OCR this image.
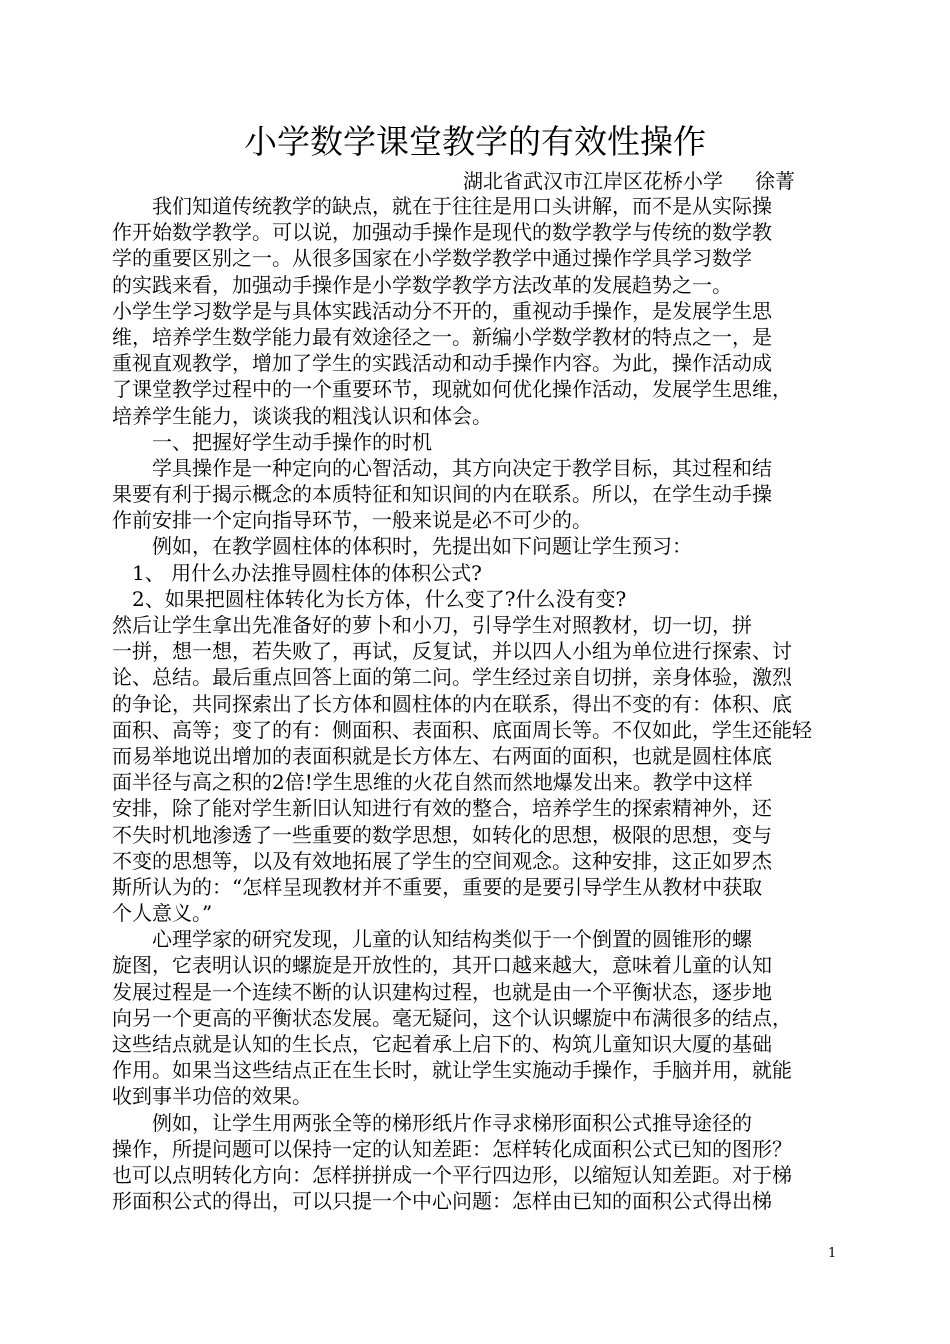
小学数学课堂教学的有效性操作
湖北省武汉市江岸区花桥小学 徐菁
　　我们知道传统教学的缺点，就在于往往是用口头讲解，而不是从实际操
作开始数学教学。可以说，加强动手操作是现代的数学教学与传统的数学教
学的重要区别之一。从很多国家在小学数学教学中通过操作学具学习数学
的实践来看，加强动手操作是小学数学教学方法改革的发展趋势之一。
小学生学习数学是与具体实践活动分不开的，重视动手操作，是发展学生思
维，培养学生数学能力最有效途径之一。新编小学数学教材的特点之一，是
重视直观教学，增加了学生的实践活动和动手操作内容。为此，操作活动成
了课堂教学过程中的一个重要环节，现就如何优化操作活动，发展学生思维，
培养学生能力，谈谈我的粗浅认识和体会。
　　一、把握好学生动手操作的时机
　　学具操作是一种定向的心智活动，其方向决定于教学目标，其过程和结
果要有利于揭示概念的本质特征和知识间的内在联系。所以，在学生动手操
作前安排一个定向指导环节，一般来说是必不可少的。
　　例如，在教学圆柱体的体积时，先提出如下问题让学生预习：
　1、 用什么办法推导圆柱体的体积公式?
　2、如果把圆柱体转化为长方体，什么变了?什么没有变?
然后让学生拿出先准备好的萝卜和小刀，引导学生对照教材，切一切，拼
一拼，想一想，若失败了，再试，反复试，并以四人小组为单位进行探索、讨
论、总结。最后重点回答上面的第二问。学生经过亲自切拼，亲身体验，激烈
的争论，共同探索出了长方体和圆柱体的内在联系，得出不变的有：体积、底
面积、高等；变了的有：侧面积、表面积、底面周长等。不仅如此，学生还能轻
而易举地说出增加的表面积就是长方体左、右两面的面积，也就是圆柱体底
面半径与高之积的2倍!学生思维的火花自然而然地爆发出来。教学中这样
安排，除了能对学生新旧认知进行有效的整合，培养学生的探索精神外，还
不失时机地渗透了一些重要的数学思想，如转化的思想，极限的思想，变与
不变的思想等，以及有效地拓展了学生的空间观念。这种安排，这正如罗杰
斯所认为的：“怎样呈现教材并不重要，重要的是要引导学生从教材中获取
个人意义。”
　　心理学家的研究发现，儿童的认知结构类似于一个倒置的圆锥形的螺
旋图，它表明认识的螺旋是开放性的，其开口越来越大，意味着儿童的认知
发展过程是一个连续不断的认识建构过程，也就是由一个平衡状态，逐步地
向另一个更高的平衡状态发展。毫无疑问，这个认识螺旋中布满很多的结点，
这些结点就是认知的生长点，它起着承上启下的、构筑儿童知识大厦的基础
作用。如果当这些结点正在生长时，就让学生实施动手操作，手脑并用，就能
收到事半功倍的效果。
　　例如，让学生用两张全等的梯形纸片作寻求梯形面积公式推导途径的
操作，所提问题可以保持一定的认知差距：怎样转化成面积公式已知的图形？
也可以点明转化方向：怎样拼拼成一个平行四边形，以缩短认知差距。对于梯
形面积公式的得出，可以只提一个中心问题：怎样由已知的面积公式得出梯
1
